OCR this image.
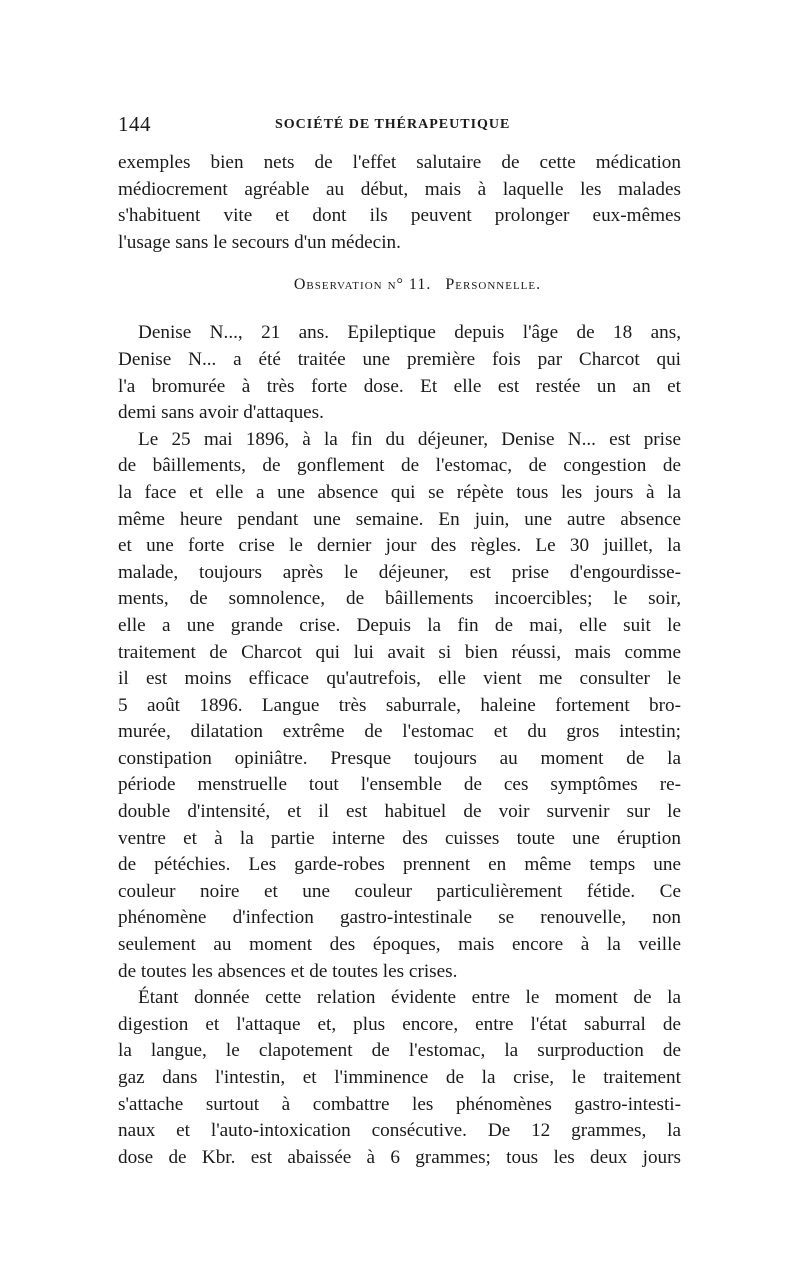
144	SOCIÉTÉ DE THÉRAPEUTIQUE

exemples bien nets de l'effet salutaire de cette médication

médiocrement agréable au début, mais à laquelle les malades

s'habituent vite et dont ils peuvent prolonger eux-mêmes

l'usage sans le secours d'un médecin.

Observation n° 11. Personnelle.

Denise N..., 21 ans. Epileptique depuis l'âge de 18 ans,

Denise N... a été traitée une première fois par Charcot qui

l'a bromurée à très forte dose. Et elle est restée un an et

demi sans avoir d'attaques.

Le 25 mai 1896, à la fin du déjeuner, Denise N... est prise

de bâillements, de gonflement de l'estomac, de congestion de

la face et elle a une absence qui se répète tous les jours à la

même heure pendant une semaine. En juin, une autre absence

et une forte crise le dernier jour des règles. Le 30 juillet, la

malade, toujours après le déjeuner, est prise d'engourdisse-

ments, de somnolence, de bâillements incoercibles; le soir,

elle a une grande crise. Depuis la fin de mai, elle suit le

traitement de Charcot qui lui avait si bien réussi, mais comme

il est moins efficace qu'autrefois, elle vient me consulter le

5 août 1896. Langue très saburrale, haleine fortement bro-

murée, dilatation extrême de l'estomac et du gros intestin;

constipation opiniâtre. Presque toujours au moment de la

période menstruelle tout l'ensemble de ces symptômes re-

double d'intensité, et il est habituel de voir survenir sur le

ventre et à la partie interne des cuisses toute une éruption

de pétéchies. Les garde-robes prennent en même temps une

couleur noire et une couleur particulièrement fétide. Ce

phénomène d'infection gastro-intestinale se renouvelle, non

seulement au moment des époques, mais encore à la veille

de toutes les absences et de toutes les crises.

Étant donnée cette relation évidente entre le moment de la

digestion et l'attaque et, plus encore, entre l'état saburral de

la langue, le clapotement de l'estomac, la surproduction de

gaz dans l'intestin, et l'imminence de la crise, le traitement

s'attache surtout à combattre les phénomènes gastro-intesti-

naux et l'auto-intoxication consécutive. De 12 grammes, la

dose de Kbr. est abaissée à 6 grammes; tous les deux jours
